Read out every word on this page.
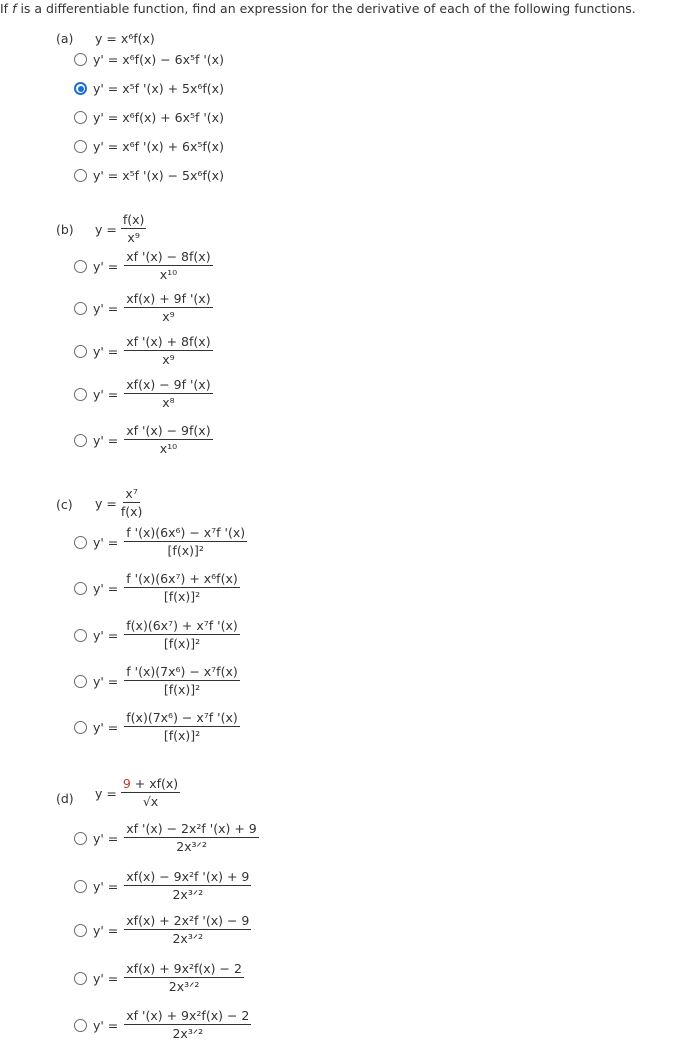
If f is a differentiable function, find an expression for the derivative of each of the following functions.
(a) y = x⁶f(x)
y' = x⁶f(x) − 6x⁵f '(x)
y' = x⁵f '(x) + 5x⁶f(x)
y' = x⁶f(x) + 6x⁵f '(x)
y' = x⁶f '(x) + 6x⁵f(x)
y' = x⁵f '(x) − 5x⁶f(x)
(b) $y = \frac{f(x)}{\text{x⁹}}$
$y' = \frac{xf '(x) - 8f(x)}{\text{x¹⁰}}$
$y' = \frac{xf(x) + 9f '(x)}{\text{x⁹}}$
$y' = \frac{xf '(x) + 8f(x)}{\text{x⁹}}$
$y' = \frac{xf(x) - 9f '(x)}{\text{x⁸}}$
$y' = \frac{xf '(x) - 9f(x)}{\text{x¹⁰}}$
(c) $y = \frac{\text{x⁷}}{f(x)}$
$y' = \frac{\text{f '(x)(6x⁶) − x⁷f '(x)}}{\text{[f(x)]²}}$
$y' = \frac{\text{f '(x)(6x⁷) + x⁶f(x)}}{\text{[f(x)]²}}$
$y' = \frac{\text{f(x)(6x⁷) + x⁷f '(x)}}{\text{[f(x)]²}}$
$y' = \frac{\text{f '(x)(7x⁶) − x⁷f(x)}}{\text{[f(x)]²}}$
$y' = \frac{\text{f(x)(7x⁶) − x⁷f '(x)}}{\text{[f(x)]²}}$
(d) $y = \frac{9 + xf(x)}{√x}$
$y' = \frac{\text{xf '(x) − 2x²f '(x) + 9}}{\text{2x³ᐟ²}}$
$y' = \frac{\text{xf(x) − 9x²f '(x) + 9}}{\text{2x³ᐟ²}}$
$y' = \frac{\text{xf(x) + 2x²f '(x) − 9}}{\text{2x³ᐟ²}}$
$y' = \frac{\text{xf(x) + 9x²f(x) − 2}}{\text{2x³ᐟ²}}$
$y' = \frac{\text{xf '(x) + 9x²f(x) − 2}}{\text{2x³ᐟ²}}$
